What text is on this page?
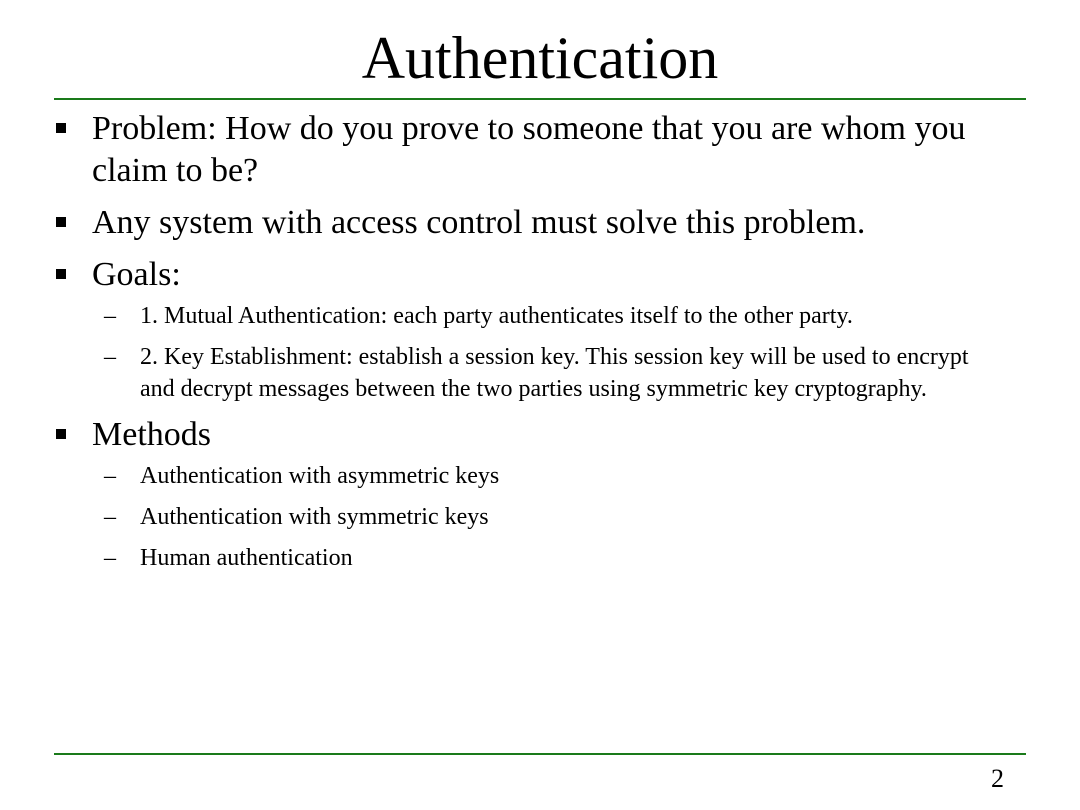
Authentication
Problem: How do you prove to someone that you are whom you claim to be?
Any system with access control must solve this problem.
Goals:
– 1. Mutual Authentication: each party authenticates itself to the other party.
– 2. Key Establishment: establish a session key. This session key will be used to encrypt and decrypt messages between the two parties using symmetric key cryptography.
Methods
– Authentication with asymmetric keys
– Authentication with symmetric keys
– Human authentication
2
